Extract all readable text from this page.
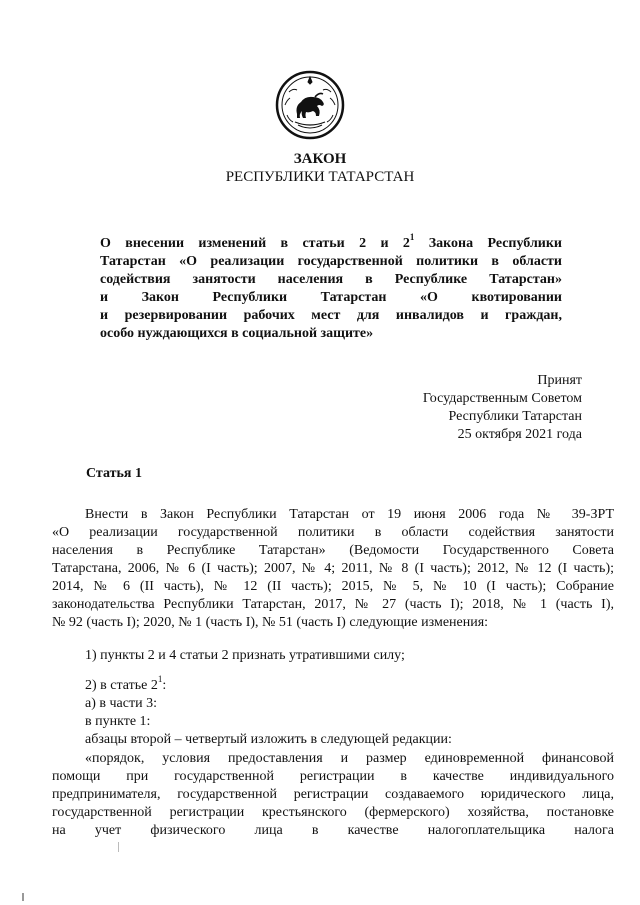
ЗАКОН
РЕСПУБЛИКИ ТАТАРСТАН
О внесении изменений в статьи 2 и $2^1$ Закона Республики
Татарстан «О реализации государственной политики в области
содействия занятости населения в Республике Татарстан»
и Закон Республики Татарстан «О квотировании
и резервировании рабочих мест для инвалидов и граждан,
особо нуждающихся в социальной защите»
Принят
Государственным Советом
Республики Татарстан
25 октября 2021 года
Статья 1
Внести в Закон Республики Татарстан от 19 июня 2006 года № 39-ЗРТ
«О реализации государственной политики в области содействия занятости
населения в Республике Татарстан» (Ведомости Государственного Совета
Татарстана, 2006, № 6 (I часть); 2007, № 4; 2011, № 8 (I часть); 2012, № 12 (I часть);
2014, № 6 (II часть), № 12 (II часть); 2015, № 5, № 10 (I часть); Собрание
законодательства Республики Татарстан, 2017, № 27 (часть I); 2018, № 1 (часть I),
№ 92 (часть I); 2020, № 1 (часть I), № 51 (часть I) следующие изменения:
1) пункты 2 и 4 статьи 2 признать утратившими силу;
2) в статье $2^1$:
а) в части 3:
в пункте 1:
абзацы второй – четвертый изложить в следующей редакции:
«порядок, условия предоставления и размер единовременной финансовой
помощи при государственной регистрации в качестве индивидуального
предпринимателя, государственной регистрации создаваемого юридического лица,
государственной регистрации крестьянского (фермерского) хозяйства, постановке
на учет физического лица в качестве налогоплательщика налога
